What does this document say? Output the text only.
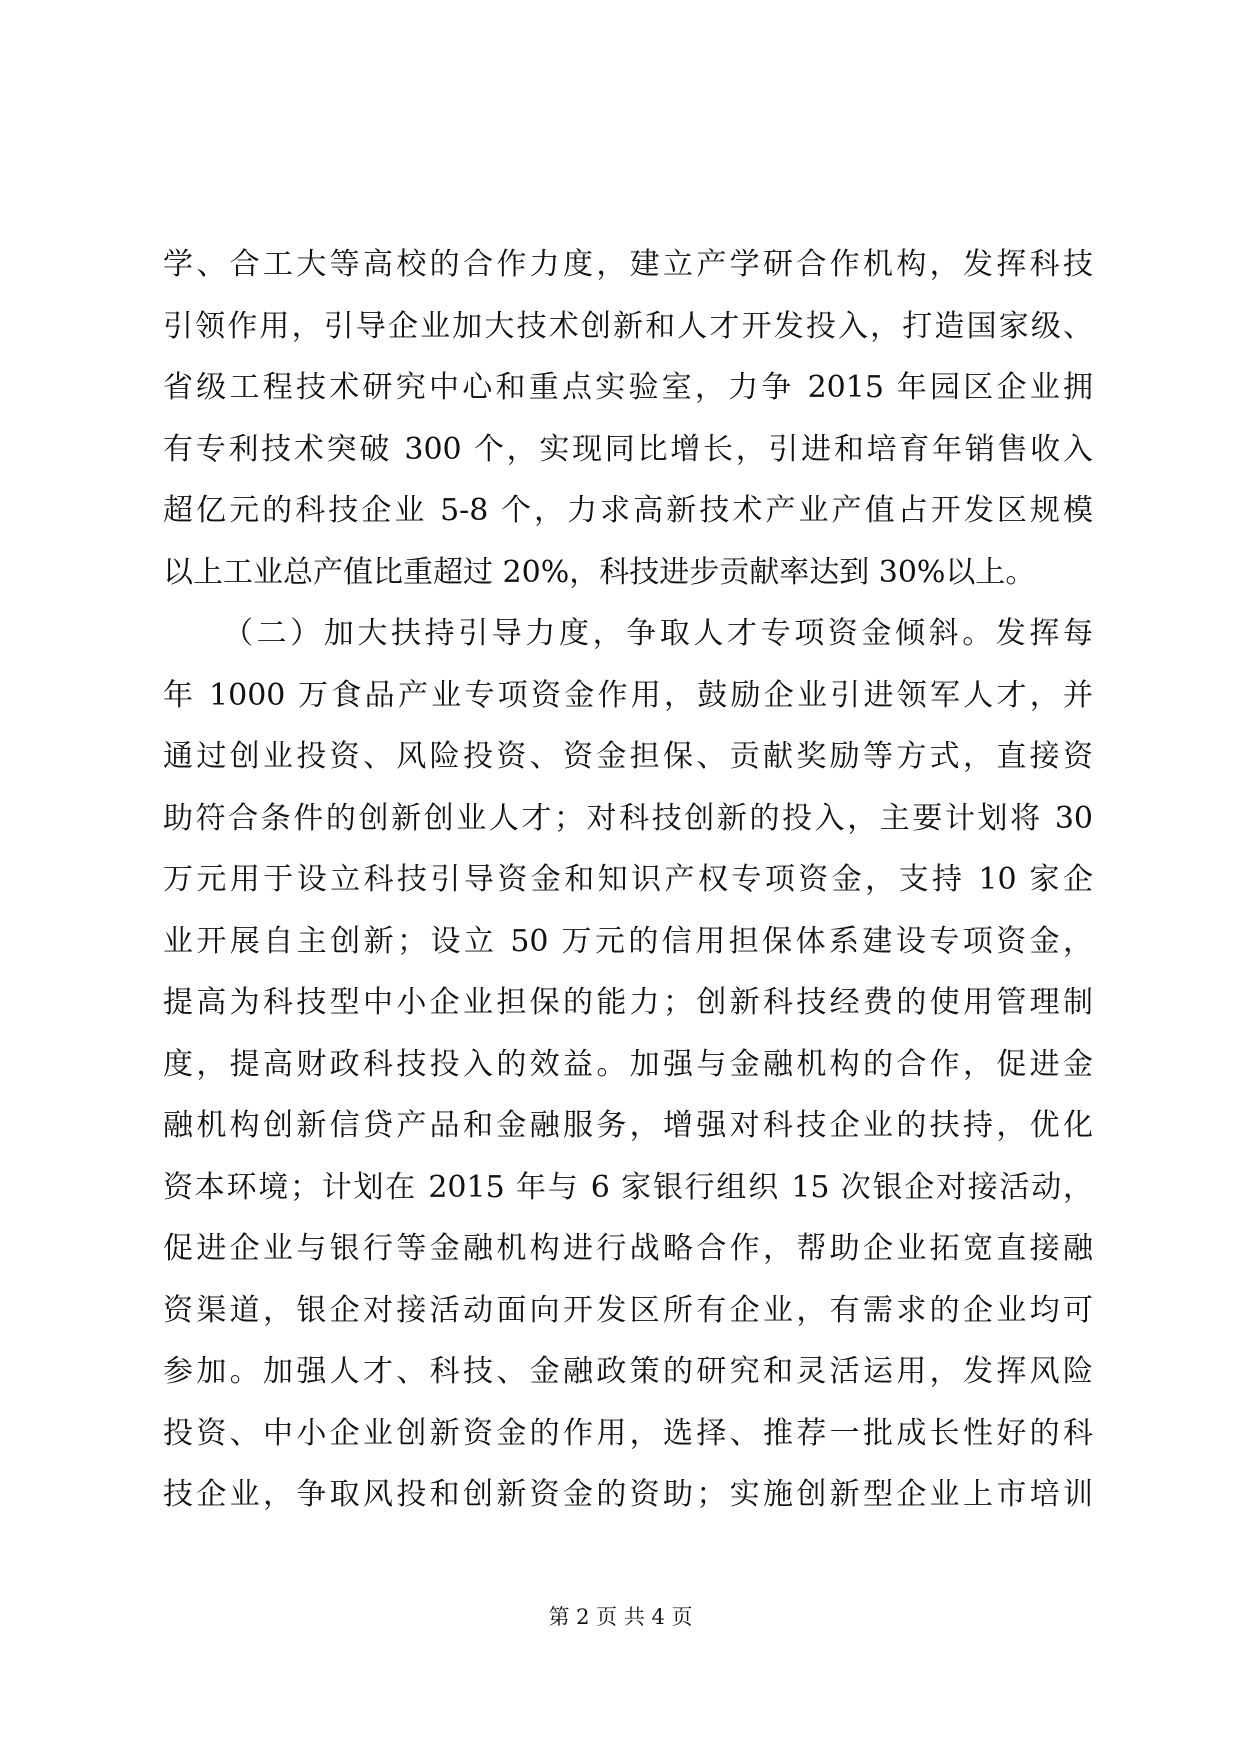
学、合工大等高校的合作力度，建立产学研合作机构，发挥科技
引领作用，引导企业加大技术创新和人才开发投入，打造国家级、
省级工程技术研究中心和重点实验室，力争 2015 年园区企业拥
有专利技术突破 300 个，实现同比增长，引进和培育年销售收入
超亿元的科技企业 5-8 个，力求高新技术产业产值占开发区规模
以上工业总产值比重超过 20%，科技进步贡献率达到 30%以上。
（二）加大扶持引导力度，争取人才专项资金倾斜。发挥每
年 1000 万食品产业专项资金作用，鼓励企业引进领军人才，并
通过创业投资、风险投资、资金担保、贡献奖励等方式，直接资
助符合条件的创新创业人才；对科技创新的投入，主要计划将 30
万元用于设立科技引导资金和知识产权专项资金，支持 10 家企
业开展自主创新；设立 50 万元的信用担保体系建设专项资金，
提高为科技型中小企业担保的能力；创新科技经费的使用管理制
度，提高财政科技投入的效益。加强与金融机构的合作，促进金
融机构创新信贷产品和金融服务，增强对科技企业的扶持，优化
资本环境；计划在 2015 年与 6 家银行组织 15 次银企对接活动，
促进企业与银行等金融机构进行战略合作，帮助企业拓宽直接融
资渠道，银企对接活动面向开发区所有企业，有需求的企业均可
参加。加强人才、科技、金融政策的研究和灵活运用，发挥风险
投资、中小企业创新资金的作用，选择、推荐一批成长性好的科
技企业，争取风投和创新资金的资助；实施创新型企业上市培训
第 2 页 共 4 页
